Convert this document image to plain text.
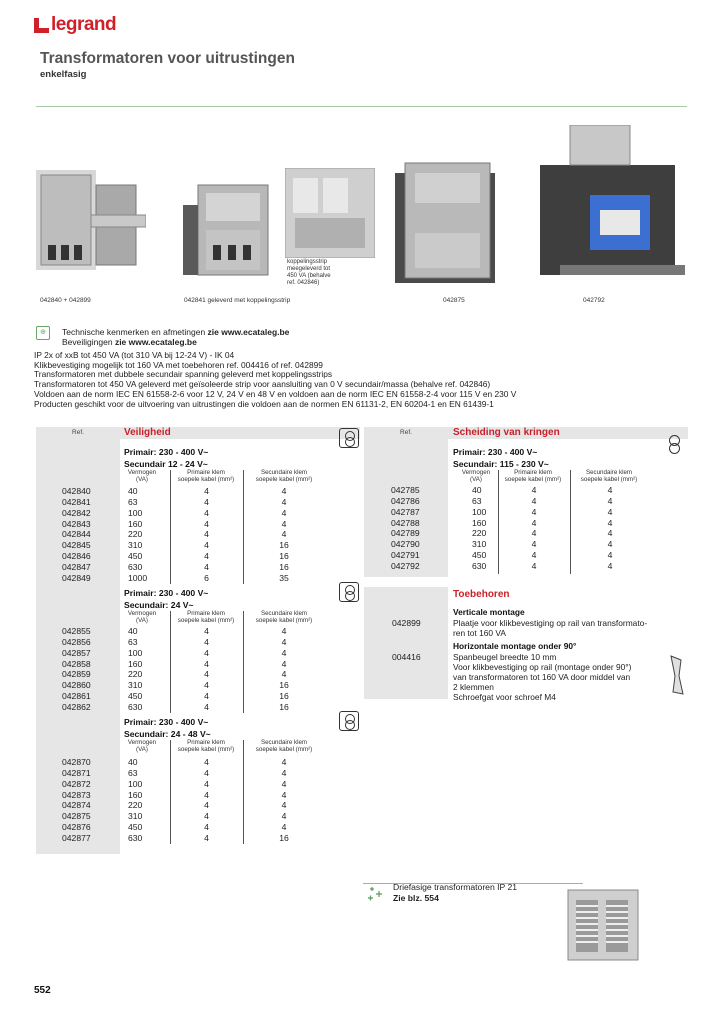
legrand
Transformatoren voor uitrustingen
enkelfasig
koppelingsstrip
meegeleverd tot
450 VA (behalve
ref. 042846)
042840 + 042899	042841 geleverd met koppelingsstrip	042875	042792
⊕	Technische kenmerken en afmetingen zie www.ecataleg.be
Beveiligingen zie www.ecataleg.be
IP 2x of xxB tot 450 VA (tot 310 VA bij 12-24 V) - IK 04
Klikbevestiging mogelijk tot 160 VA met toebehoren ref. 004416 of ref. 042899
Transformatoren met dubbele secundair spanning geleverd met koppelingsstrips
Transformatoren tot 450 VA geleverd met geïsoleerde strip voor aansluiting van 0 V secundair/massa (behalve ref. 042846)
Voldoen aan de norm IEC EN 61558-2-6 voor 12 V, 24 V en 48 V en voldoen aan de norm IEC EN 61558-2-4 voor 115 V en 230 V
Producten geschikt voor de uitvoering van uitrustingen die voldoen aan de normen EN 61131-2, EN 60204-1 en EN 61439-1
Ref.	Veiligheid
Primair: 230 - 400 V~
Secundair 12 - 24 V~
Vermogen
(VA)
Primaire klem
soepele kabel (mm²)
Secundaire klem
soepele kabel (mm²)
042840	40	4	4
042841	63	4	4
042842	100	4	4
042843	160	4	4
042844	220	4	4
042845	310	4	16
042846	450	4	16
042847	630	4	16
042849	1000	6	35
Primair: 230 - 400 V~
Secundair: 24 V~
Vermogen
(VA)
Primaire klem
soepele kabel (mm²)
Secundaire klem
soepele kabel (mm²)
042855	40	4	4
042856	63	4	4
042857	100	4	4
042858	160	4	4
042859	220	4	4
042860	310	4	16
042861	450	4	16
042862	630	4	16
Primair: 230 - 400 V~
Secundair: 24 - 48 V~
Vermogen
(VA)
Primaire klem
soepele kabel (mm²)
Secundaire klem
soepele kabel (mm²)
042870	40	4	4
042871	63	4	4
042872	100	4	4
042873	160	4	4
042874	220	4	4
042875	310	4	4
042876	450	4	4
042877	630	4	16
Ref.	Scheiding van kringen
Primair: 230 - 400 V~
Secundair: 115 - 230 V~
Vermogen
(VA)
Primaire klem
soepele kabel (mm²)
Secundaire klem
soepele kabel (mm²)
042785	40	4	4
042786	63	4	4
042787	100	4	4
042788	160	4	4
042789	220	4	4
042790	310	4	4
042791	450	4	4
042792	630	4	4
Toebehoren
Verticale montage
042899	Plaatje voor klikbevestiging op rail van transformato-
ren tot 160 VA
Horizontale montage onder 90°
004416	Spanbeugel breedte 10 mm
Voor klikbevestiging op rail (montage onder 90°)
van transformatoren tot 160 VA door middel van
2 klemmen
Schroefgat voor schroef M4
Driefasige transformatoren IP 21
Zie blz. 554
552
